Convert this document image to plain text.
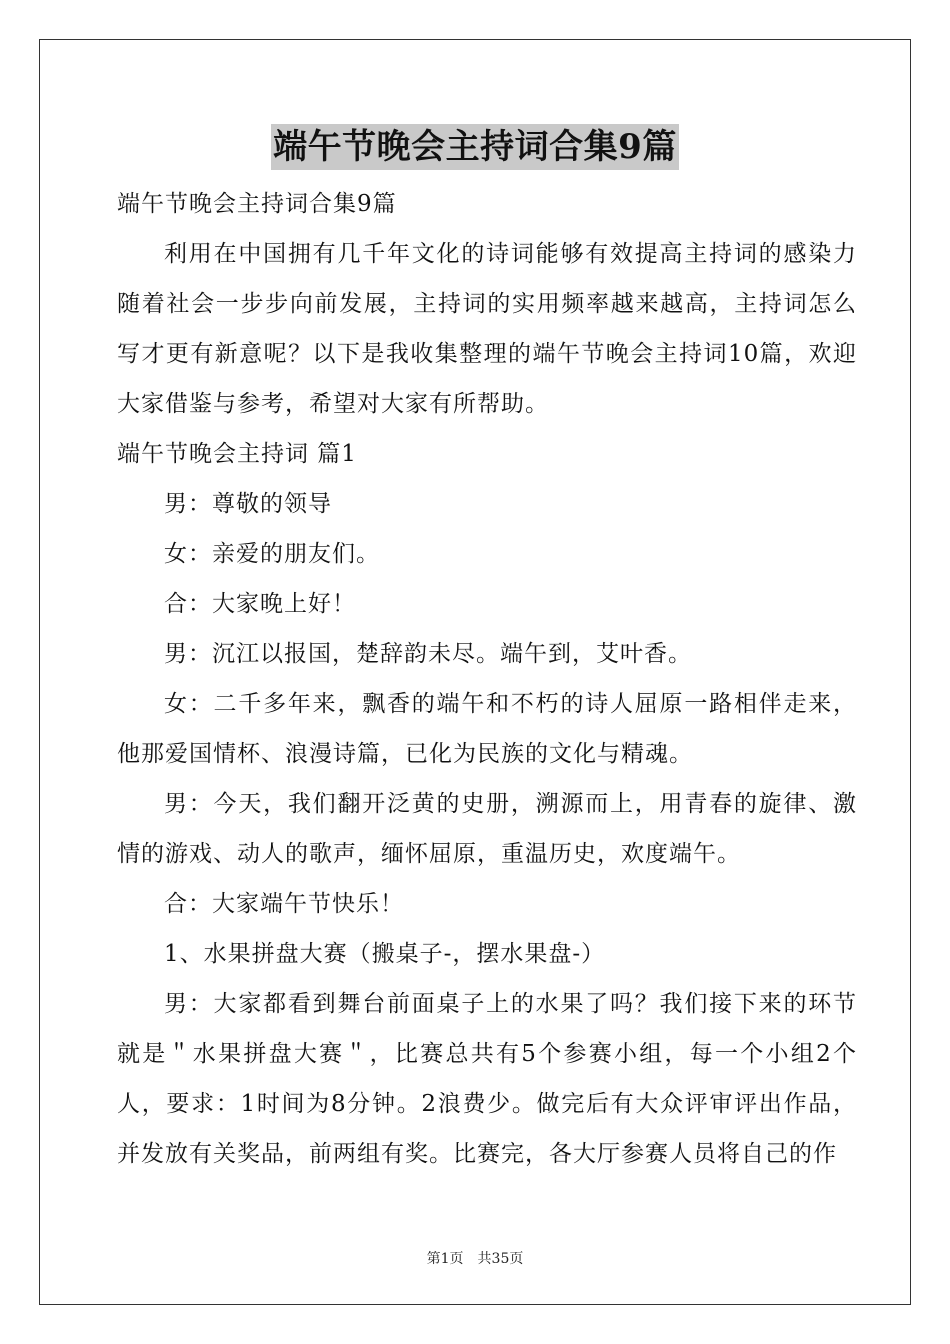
端午节晚会主持词合集9篇

端午节晚会主持词合集9篇

利用在中国拥有几千年文化的诗词能够有效提高主持词的感染力随着社会一步步向前发展，主持词的实用频率越来越高，主持词怎么写才更有新意呢？以下是我收集整理的端午节晚会主持词10篇，欢迎大家借鉴与参考，希望对大家有所帮助。

端午节晚会主持词 篇1

男：尊敬的领导

女：亲爱的朋友们。

合：大家晚上好！

男：沉江以报国，楚辞韵未尽。端午到，艾叶香。

女：二千多年来，飘香的端午和不朽的诗人屈原一路相伴走来，他那爱国情杯、浪漫诗篇，已化为民族的文化与精魂。

男：今天，我们翻开泛黄的史册，溯源而上，用青春的旋律、激情的游戏、动人的歌声，缅怀屈原，重温历史，欢度端午。

合：大家端午节快乐！

1、水果拼盘大赛（搬桌子-，摆水果盘-）

男：大家都看到舞台前面桌子上的水果了吗？我们接下来的环节就是＂水果拼盘大赛＂，比赛总共有5个参赛小组，每一个小组2个人，要求：1时间为8分钟。2浪费少。做完后有大众评审评出作品，并发放有关奖品，前两组有奖。比赛完，各大厅参赛人员将自己的作

第1页　共35页
